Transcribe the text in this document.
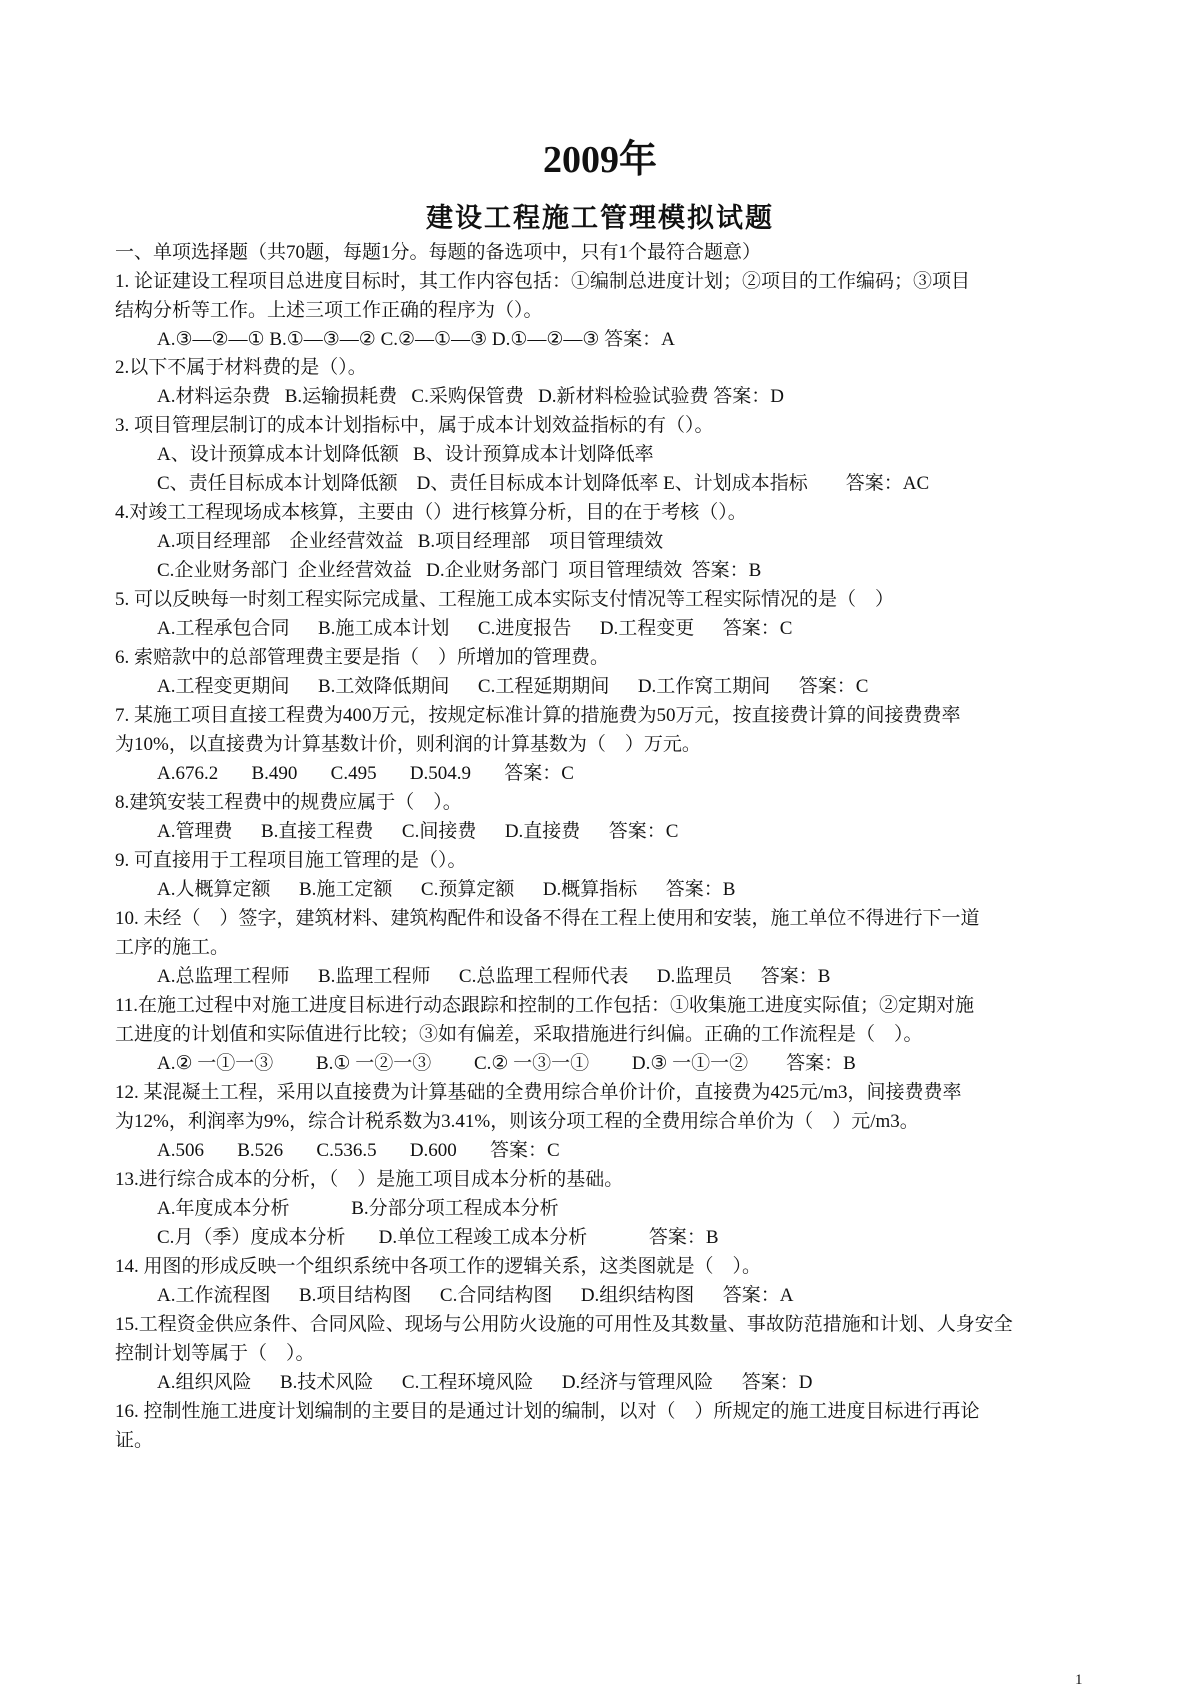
2009年
建设工程施工管理模拟试题
一、单项选择题（共70题，每题1分。每题的备选项中，只有1个最符合题意）
1. 论证建设工程项目总进度目标时，其工作内容包括：①编制总进度计划；②项目的工作编码；③项目
结构分析等工作。上述三项工作正确的程序为（）。
A.③—②—① B.①—③—② C.②—①—③ D.①—②—③ 答案：A
2.以下不属于材料费的是（）。
A.材料运杂费   B.运输损耗费   C.采购保管费   D.新材料检验试验费 答案：D
3. 项目管理层制订的成本计划指标中，属于成本计划效益指标的有（）。
A、设计预算成本计划降低额   B、设计预算成本计划降低率
C、责任目标成本计划降低额    D、责任目标成本计划降低率 E、计划成本指标        答案：AC
4.对竣工工程现场成本核算，主要由（）进行核算分析，目的在于考核（）。
A.项目经理部    企业经营效益   B.项目经理部    项目管理绩效
C.企业财务部门  企业经营效益   D.企业财务部门  项目管理绩效  答案：B
5. 可以反映每一时刻工程实际完成量、工程施工成本实际支付情况等工程实际情况的是（    ）
A.工程承包合同      B.施工成本计划      C.进度报告      D.工程变更      答案：C
6. 索赔款中的总部管理费主要是指（    ）所增加的管理费。
A.工程变更期间      B.工效降低期间      C.工程延期期间      D.工作窝工期间      答案：C
7. 某施工项目直接工程费为400万元，按规定标准计算的措施费为50万元，按直接费计算的间接费费率
为10%，以直接费为计算基数计价，则利润的计算基数为（    ）万元。
A.676.2       B.490       C.495       D.504.9       答案：C
8.建筑安装工程费中的规费应属于（    ）。
A.管理费      B.直接工程费      C.间接费      D.直接费      答案：C
9. 可直接用于工程项目施工管理的是（）。
A.人概算定额      B.施工定额      C.预算定额      D.概算指标      答案：B
10. 未经（    ）签字，建筑材料、建筑构配件和设备不得在工程上使用和安装，施工单位不得进行下一道
工序的施工。
A.总监理工程师      B.监理工程师      C.总监理工程师代表      D.监理员      答案：B
11.在施工过程中对施工进度目标进行动态跟踪和控制的工作包括：①收集施工进度实际值；②定期对施
工进度的计划值和实际值进行比较；③如有偏差，采取措施进行纠偏。正确的工作流程是（    ）。
A.② 一①一③         B.① 一②一③         C.② 一③一①         D.③ 一①一②        答案：B
12. 某混凝土工程，采用以直接费为计算基础的全费用综合单价计价，直接费为425元/m3，间接费费率
为12%，利润率为9%，综合计税系数为3.41%，则该分项工程的全费用综合单价为（    ）元/m3。
A.506       B.526       C.536.5       D.600       答案：C
13.进行综合成本的分析，（    ）是施工项目成本分析的基础。
A.年度成本分析             B.分部分项工程成本分析
C.月（季）度成本分析       D.单位工程竣工成本分析             答案：B
14. 用图的形成反映一个组织系统中各项工作的逻辑关系，这类图就是（    ）。
A.工作流程图      B.项目结构图      C.合同结构图      D.组织结构图      答案：A
15.工程资金供应条件、合同风险、现场与公用防火设施的可用性及其数量、事故防范措施和计划、人身安全
控制计划等属于（    ）。
A.组织风险      B.技术风险      C.工程环境风险      D.经济与管理风险      答案：D
16. 控制性施工进度计划编制的主要目的是通过计划的编制，以对（    ）所规定的施工进度目标进行再论
证。
1
